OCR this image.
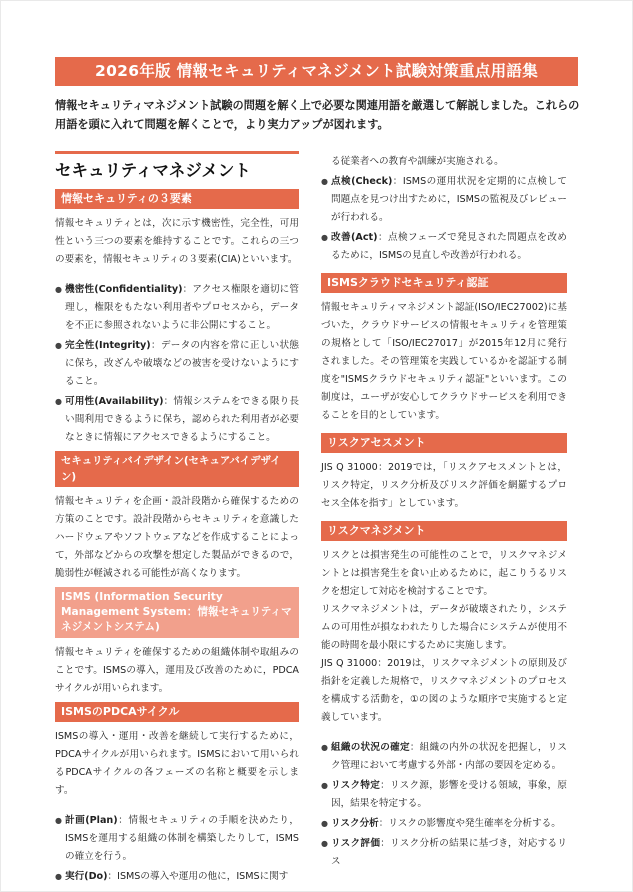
2026年版 情報セキュリティマネジメント試験対策重点用語集
情報セキュリティマネジメント試験の問題を解く上で必要な関連用語を厳選して解説しました。これらの用語を頭に入れて問題を解くことで，より実力アップが図れます。
セキュリティマネジメント
情報セキュリティの３要素

情報セキュリティとは，次に示す機密性，完全性，可用性という三つの要素を維持することです。これらの三つの要素を，情報セキュリティの３要素(CIA)といいます。

● 機密性(Confidentiality)：アクセス権限を適切に管理し，権限をもたない利用者やプロセスから，データを不正に参照されないように非公開にすること。
● 完全性(Integrity)：データの内容を常に正しい状態に保ち，改ざんや破壊などの被害を受けないようにすること。
● 可用性(Availability)：情報システムをできる限り長い間利用できるように保ち，認められた利用者が必要なときに情報にアクセスできるようにすること。
セキュリティバイデザイン(セキュアバイデザイン)

情報セキュリティを企画・設計段階から確保するための方策のことです。設計段階からセキュリティを意識したハードウェアやソフトウェアなどを作成することによって，外部などからの攻撃を想定した製品ができるので，脆弱性が軽減される可能性が高くなります。

ISMS (Information Security Management System：情報セキュリティマネジメントシステム)

情報セキュリティを確保するための組織体制や取組みのことです。ISMSの導入，運用及び改善のために，PDCAサイクルが用いられます。

ISMSのPDCAサイクル

ISMSの導入・運用・改善を継続して実行するために，PDCAサイクルが用いられます。ISMSにおいて用いられるPDCAサイクルの各フェーズの名称と概要を示します。

● 計画(Plan)：情報セキュリティの手順を決めたり，ISMSを運用する組織の体制を構築したりして，ISMSの確立を行う。
● 実行(Do)：ISMSの導入や運用の他に，ISMSに関す
る従業者への教育や訓練が実施される。
● 点検(Check)：ISMSの運用状況を定期的に点検して問題点を見つけ出すために，ISMSの監視及びレビューが行われる。
● 改善(Act)：点検フェーズで発見された問題点を改めるために，ISMSの見直しや改善が行われる。
ISMSクラウドセキュリティ認証

情報セキュリティマネジメント認証(ISO/IEC27002)に基づいた，クラウドサービスの情報セキュリティを管理策の規格として「ISO/IEC27017」が2015年12月に発行されました。その管理策を実践しているかを認証する制度を"ISMSクラウドセキュリティ認証"といいます。この制度は，ユーザが安心してクラウドサービスを利用できることを目的としています。

リスクアセスメント

JIS Q 31000：2019では，「リスクアセスメントとは，リスク特定，リスク分析及びリスク評価を網羅するプロセス全体を指す」としています。

リスクマネジメント

リスクとは損害発生の可能性のことで，リスクマネジメントとは損害発生を食い止めるために，起こりうるリスクを想定して対応を検討することです。

リスクマネジメントは，データが破壊されたり，システムの可用性が損なわれたりした場合にシステムが使用不能の時間を最小限にするために実施します。

JIS Q 31000：2019は，リスクマネジメントの原則及び指針を定義した規格で，リスクマネジメントのプロセスを構成する活動を，①の図のような順序で実施すると定義しています。

● 組織の状況の確定：組織の内外の状況を把握し，リスク管理において考慮する外部・内部の要因を定める。
● リスク特定：リスク源，影響を受ける領域，事象，原因，結果を特定する。
● リスク分析：リスクの影響度や発生確率を分析する。
● リスク評価：リスク分析の結果に基づき，対応するリス
